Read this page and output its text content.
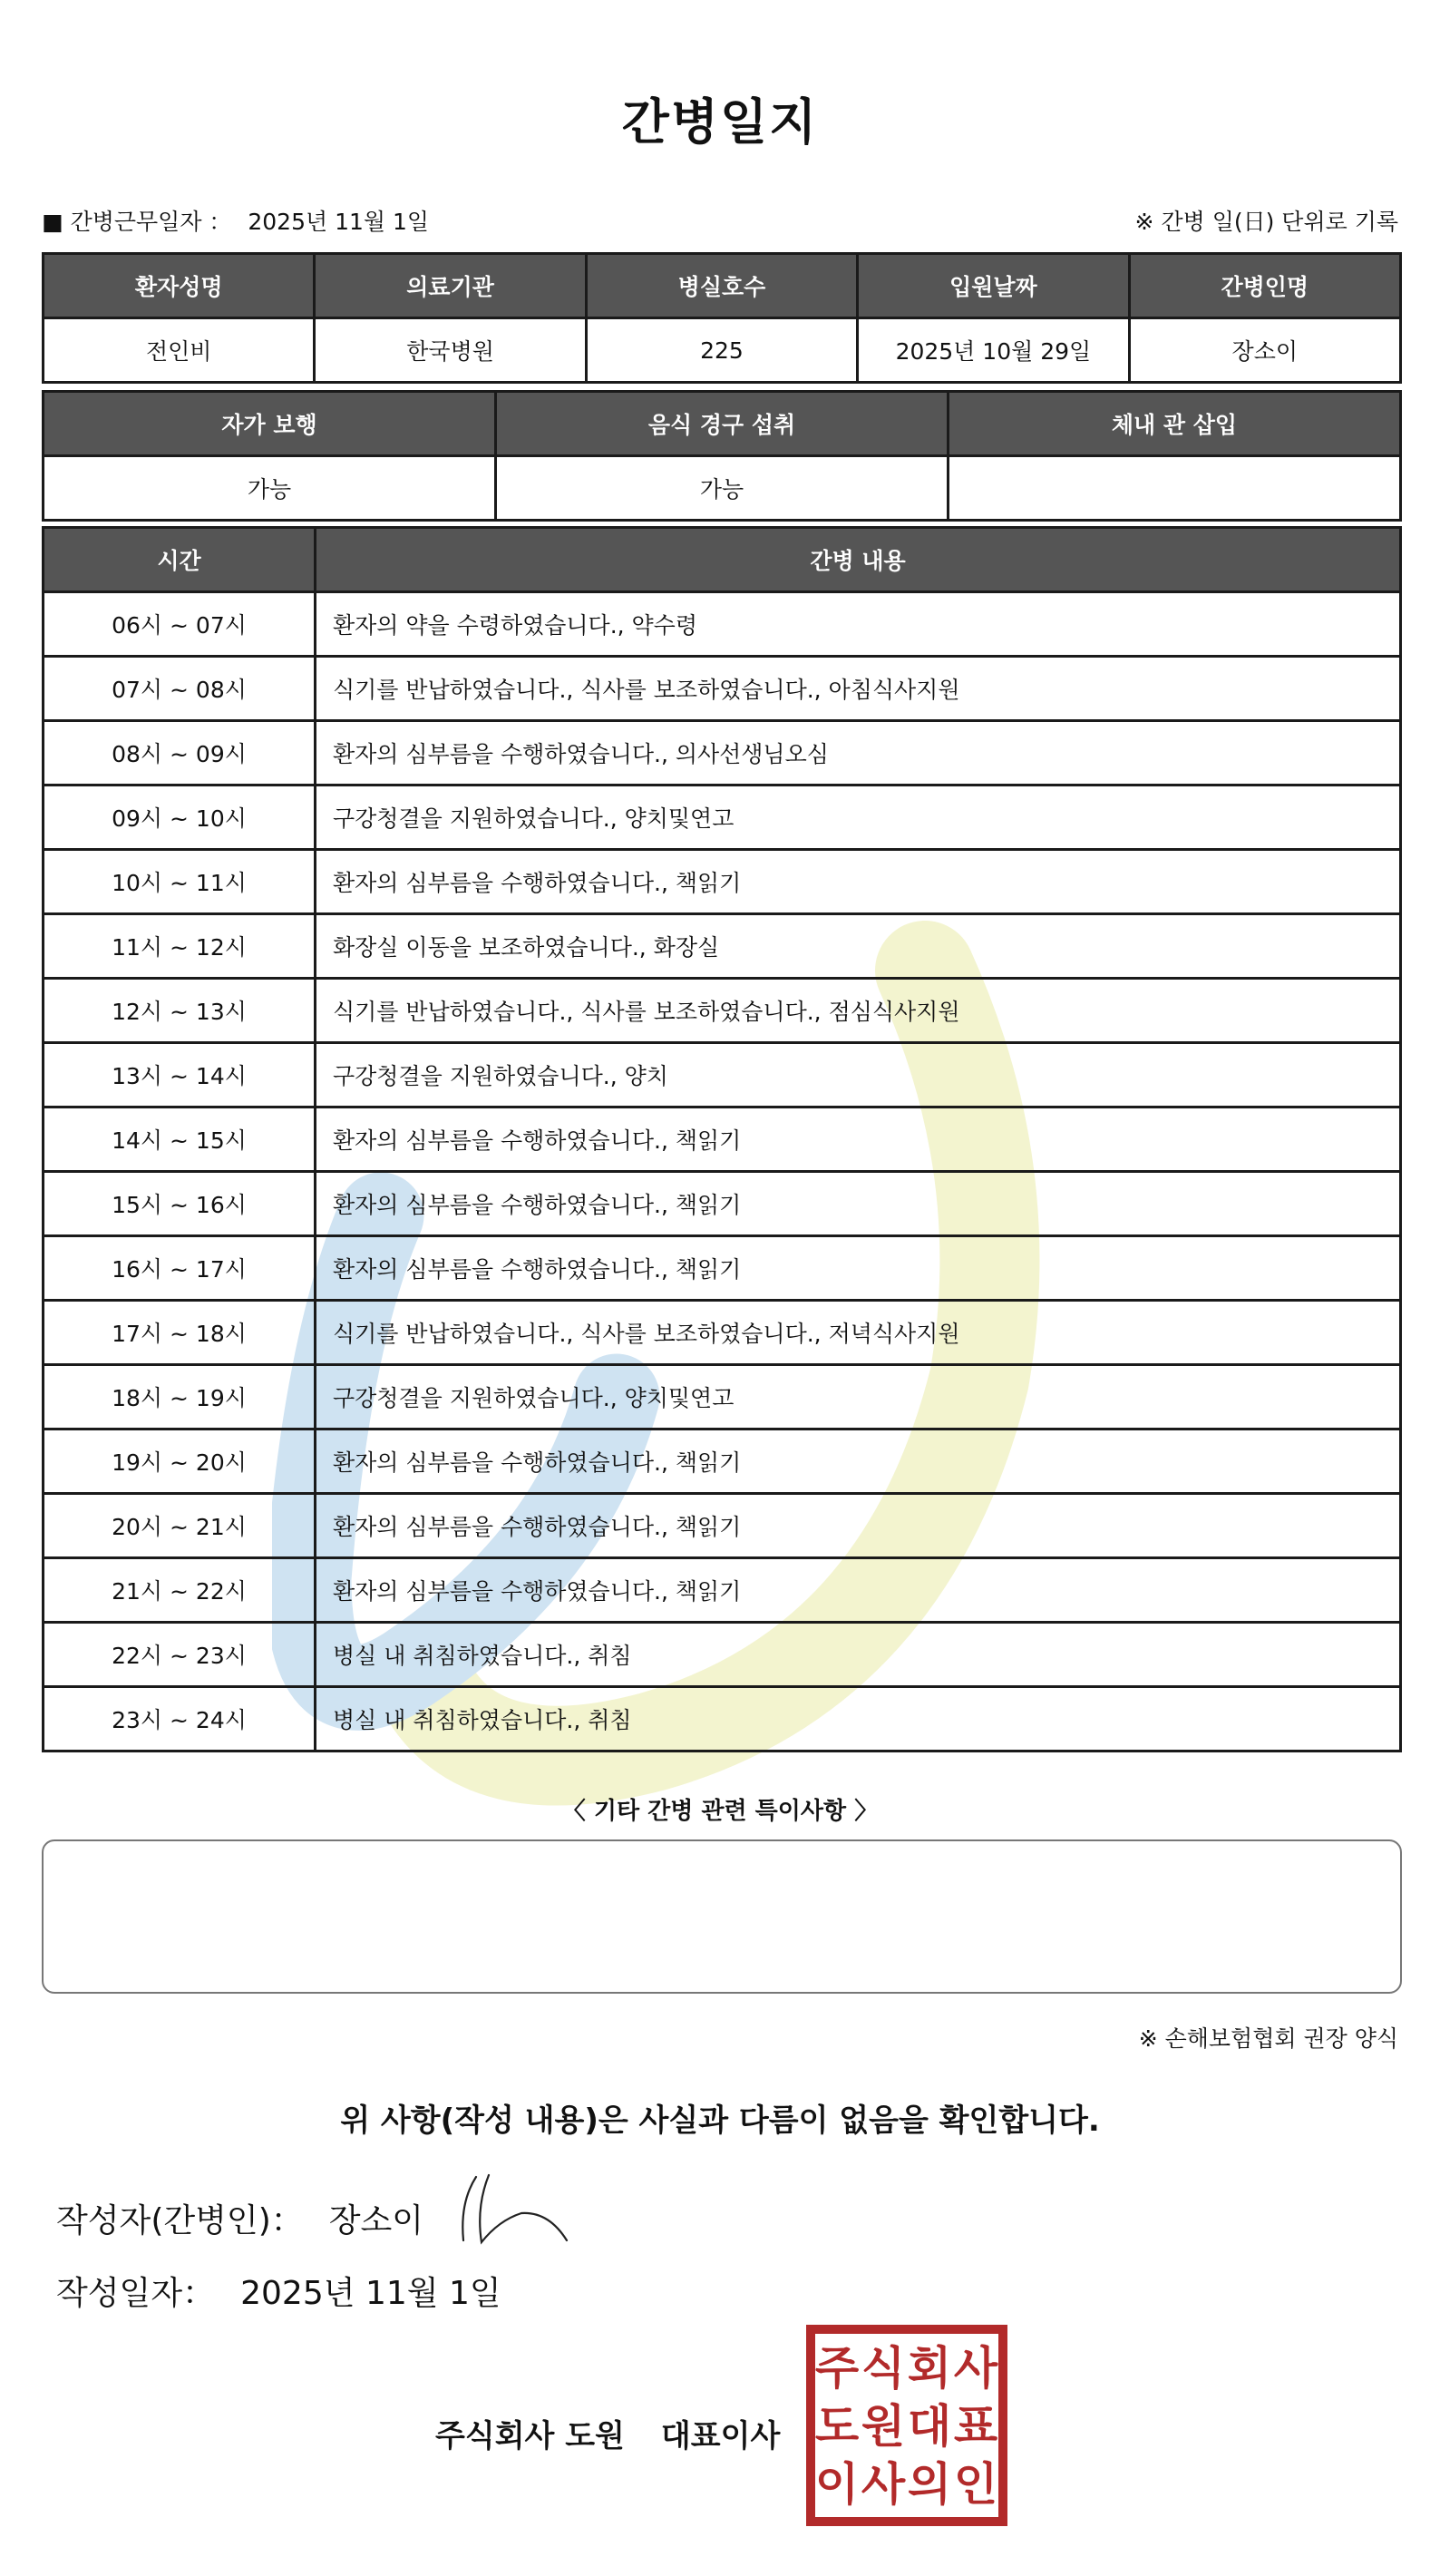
간병일지
■ 간병근무일자 ： 2025년 11월 1일	※ 간병 일(日) 단위로 기록
환자성명	의료기관	병실호수	입원날짜	간병인명
전인비	한국병원	225	2025년 10월 29일	장소이
자가 보행	음식 경구 섭취	체내 관 삽입
가능	가능	
시간	간병 내용
06시 ~ 07시	환자의 약을 수령하였습니다., 약수령
07시 ~ 08시	식기를 반납하였습니다., 식사를 보조하였습니다., 아침식사지원
08시 ~ 09시	환자의 심부름을 수행하였습니다., 의사선생님오심
09시 ~ 10시	구강청결을 지원하였습니다., 양치및연고
10시 ~ 11시	환자의 심부름을 수행하였습니다., 책읽기
11시 ~ 12시	화장실 이동을 보조하였습니다., 화장실
12시 ~ 13시	식기를 반납하였습니다., 식사를 보조하였습니다., 점심식사지원
13시 ~ 14시	구강청결을 지원하였습니다., 양치
14시 ~ 15시	환자의 심부름을 수행하였습니다., 책읽기
15시 ~ 16시	환자의 심부름을 수행하였습니다., 책읽기
16시 ~ 17시	환자의 심부름을 수행하였습니다., 책읽기
17시 ~ 18시	식기를 반납하였습니다., 식사를 보조하였습니다., 저녁식사지원
18시 ~ 19시	구강청결을 지원하였습니다., 양치및연고
19시 ~ 20시	환자의 심부름을 수행하였습니다., 책읽기
20시 ~ 21시	환자의 심부름을 수행하였습니다., 책읽기
21시 ~ 22시	환자의 심부름을 수행하였습니다., 책읽기
22시 ~ 23시	병실 내 취침하였습니다., 취침
23시 ~ 24시	병실 내 취침하였습니다., 취침
〈 기타 간병 관련 특이사항 〉
※ 손해보험협회 권장 양식
위 사항(작성 내용)은 사실과 다름이 없음을 확인합니다.
작성자(간병인)： 장소이
작성일자： 2025년 11월 1일
주식회사 도원 대표이사
주 식 회 사
도 원 대 표
이 사 의 인
